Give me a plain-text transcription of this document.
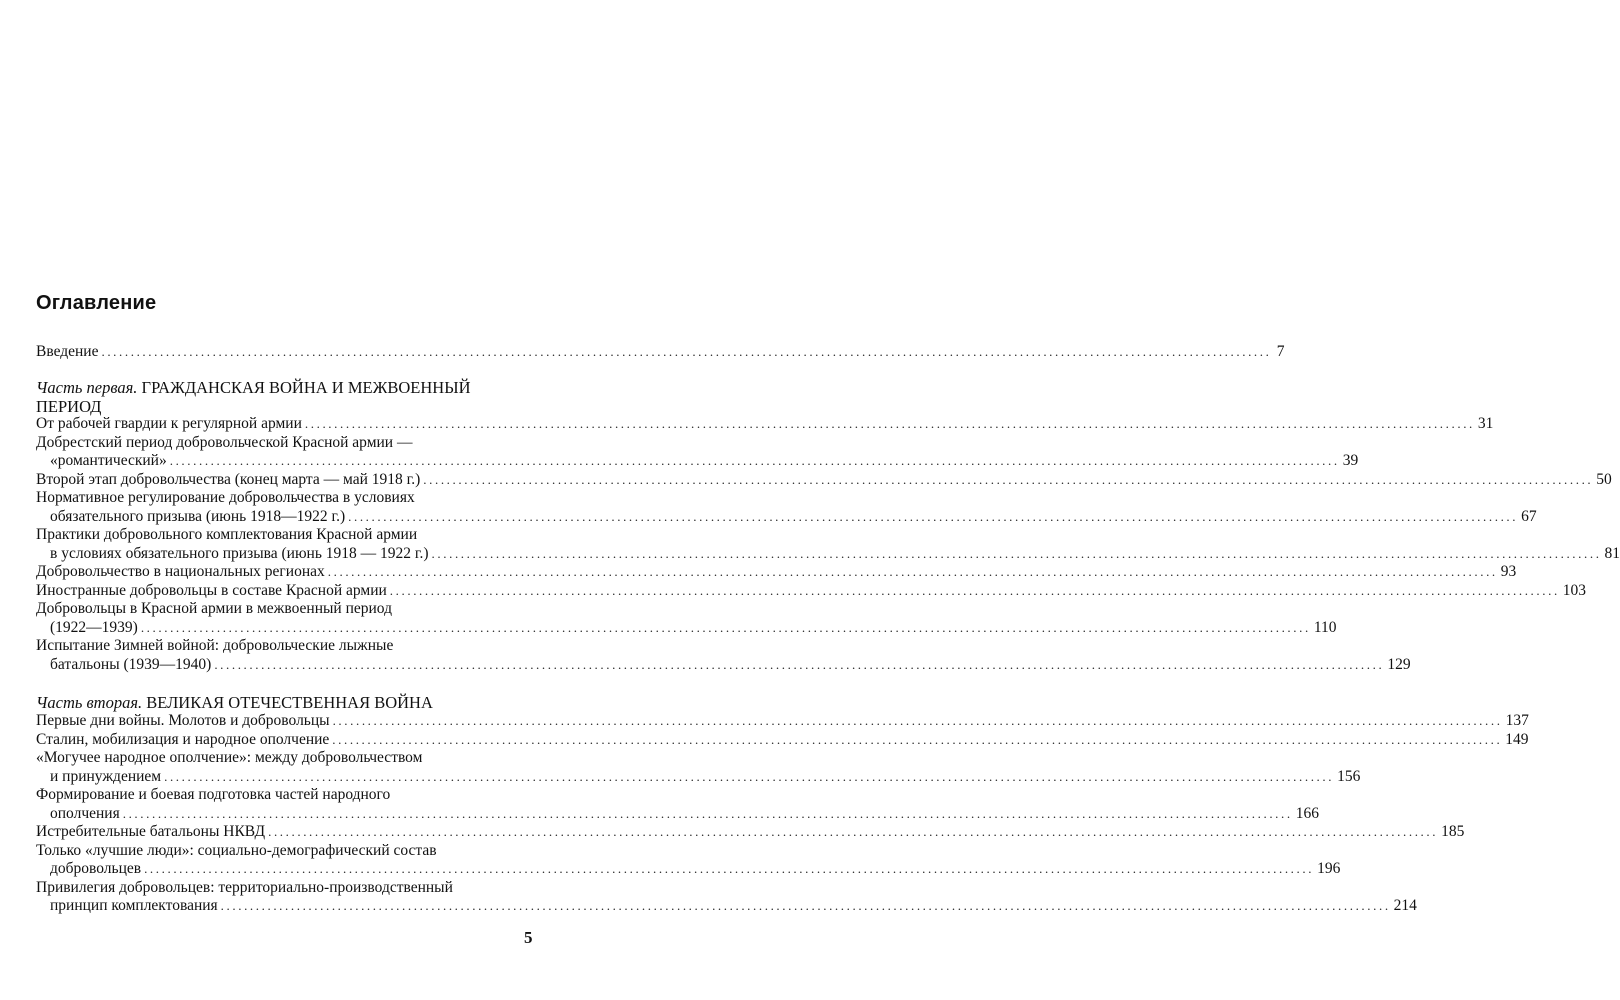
Оглавление
Введение ........................................................................................................................................................................................................ 7
Часть первая. ГРАЖДАНСКАЯ ВОЙНА И МЕЖВОЕННЫЙ
ПЕРИОД
От рабочей гвардии к регулярной армии ........................................................................................................................................................................................................ 31
Добрестский период добровольческой Красной армии —
«романтический» ........................................................................................................................................................................................................ 39
Второй этап добровольчества (конец марта — май 1918 г.) ........................................................................................................................................................................................................ 50
Нормативное регулирование добровольчества в условиях
обязательного призыва (июнь 1918—1922 г.) ........................................................................................................................................................................................................ 67
Практики добровольного комплектования Красной армии
в условиях обязательного призыва (июнь 1918 — 1922 г.) ........................................................................................................................................................................................................ 81
Добровольчество в национальных регионах ........................................................................................................................................................................................................ 93
Иностранные добровольцы в составе Красной армии ........................................................................................................................................................................................................ 103
Добровольцы в Красной армии в межвоенный период
(1922—1939) ........................................................................................................................................................................................................ 110
Испытание Зимней войной: добровольческие лыжные
батальоны (1939—1940) ........................................................................................................................................................................................................ 129
Часть вторая. ВЕЛИКАЯ ОТЕЧЕСТВЕННАЯ ВОЙНА
Первые дни войны. Молотов и добровольцы ........................................................................................................................................................................................................ 137
Сталин, мобилизация и народное ополчение ........................................................................................................................................................................................................ 149
«Могучее народное ополчение»: между добровольчеством
и принуждением ........................................................................................................................................................................................................ 156
Формирование и боевая подготовка частей народного
ополчения ........................................................................................................................................................................................................ 166
Истребительные батальоны НКВД ........................................................................................................................................................................................................ 185
Только «лучшие люди»: социально-демографический состав
добровольцев ........................................................................................................................................................................................................ 196
Привилегия добровольцев: территориально-производственный
принцип комплектования ........................................................................................................................................................................................................ 214
5
